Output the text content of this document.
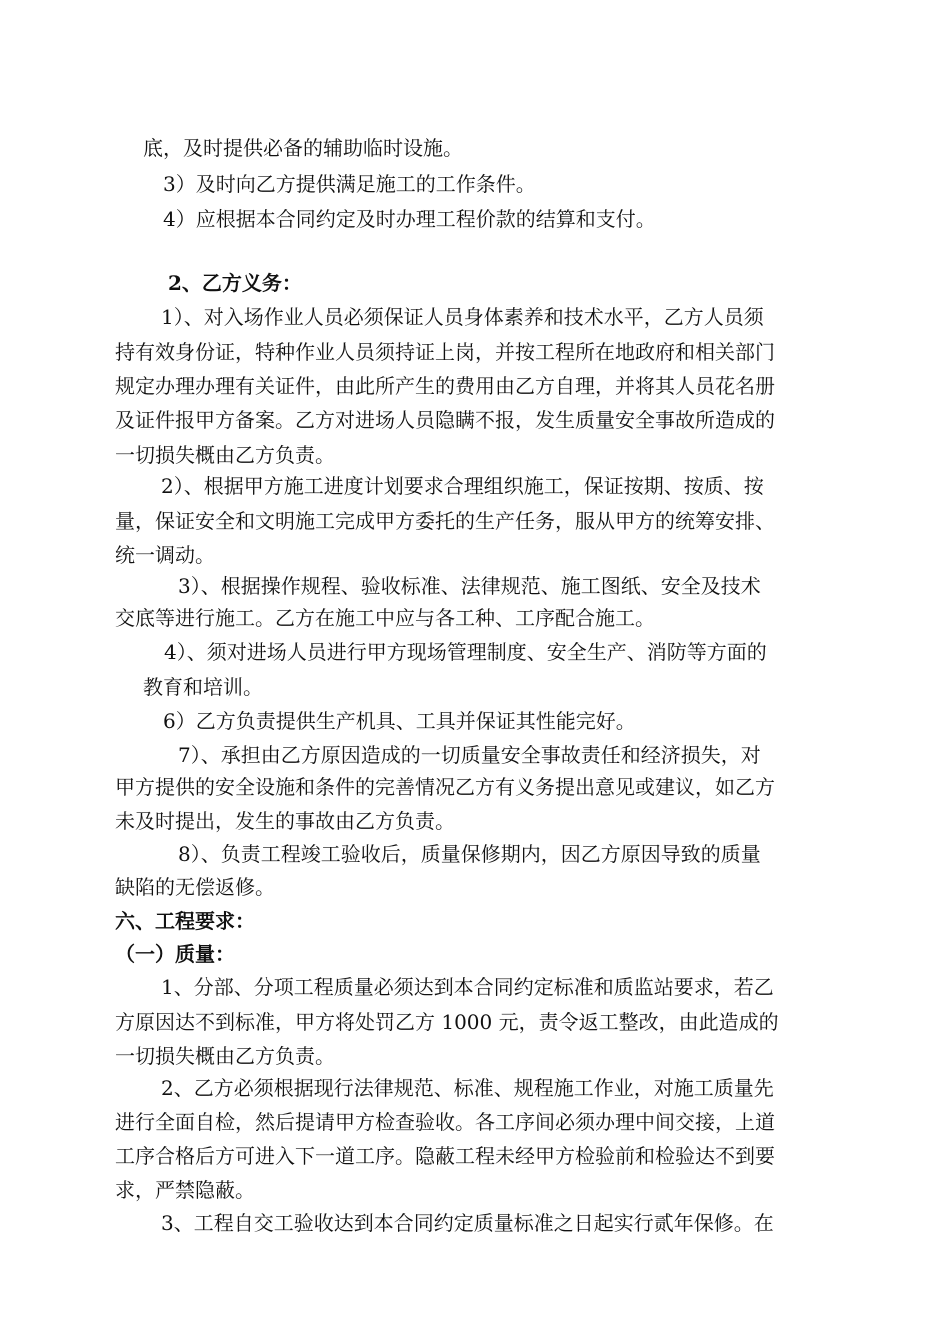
底，及时提供必备的辅助临时设施。
3）及时向乙方提供满足施工的工作条件。
4）应根据本合同约定及时办理工程价款的结算和支付。
2、乙方义务：
1）、对入场作业人员必须保证人员身体素养和技术水平，乙方人员须
持有效身份证，特种作业人员须持证上岗，并按工程所在地政府和相关部门
规定办理办理有关证件，由此所产生的费用由乙方自理，并将其人员花名册
及证件报甲方备案。乙方对进场人员隐瞒不报，发生质量安全事故所造成的
一切损失概由乙方负责。
2）、根据甲方施工进度计划要求合理组织施工，保证按期、按质、按
量，保证安全和文明施工完成甲方委托的生产任务，服从甲方的统筹安排、
统一调动。
3）、根据操作规程、验收标准、法律规范、施工图纸、安全及技术
交底等进行施工。乙方在施工中应与各工种、工序配合施工。
4）、须对进场人员进行甲方现场管理制度、安全生产、消防等方面的
教育和培训。
6）乙方负责提供生产机具、工具并保证其性能完好。
7）、承担由乙方原因造成的一切质量安全事故责任和经济损失，对
甲方提供的安全设施和条件的完善情况乙方有义务提出意见或建议，如乙方
未及时提出，发生的事故由乙方负责。
8）、负责工程竣工验收后，质量保修期内，因乙方原因导致的质量
缺陷的无偿返修。
六、工程要求：
（一）质量：
1、分部、分项工程质量必须达到本合同约定标准和质监站要求，若乙
方原因达不到标准，甲方将处罚乙方 1000 元，责令返工整改，由此造成的
一切损失概由乙方负责。
2、乙方必须根据现行法律规范、标准、规程施工作业，对施工质量先
进行全面自检，然后提请甲方检查验收。各工序间必须办理中间交接，上道
工序合格后方可进入下一道工序。隐蔽工程未经甲方检验前和检验达不到要
求，严禁隐蔽。
3、工程自交工验收达到本合同约定质量标准之日起实行贰年保修。在
